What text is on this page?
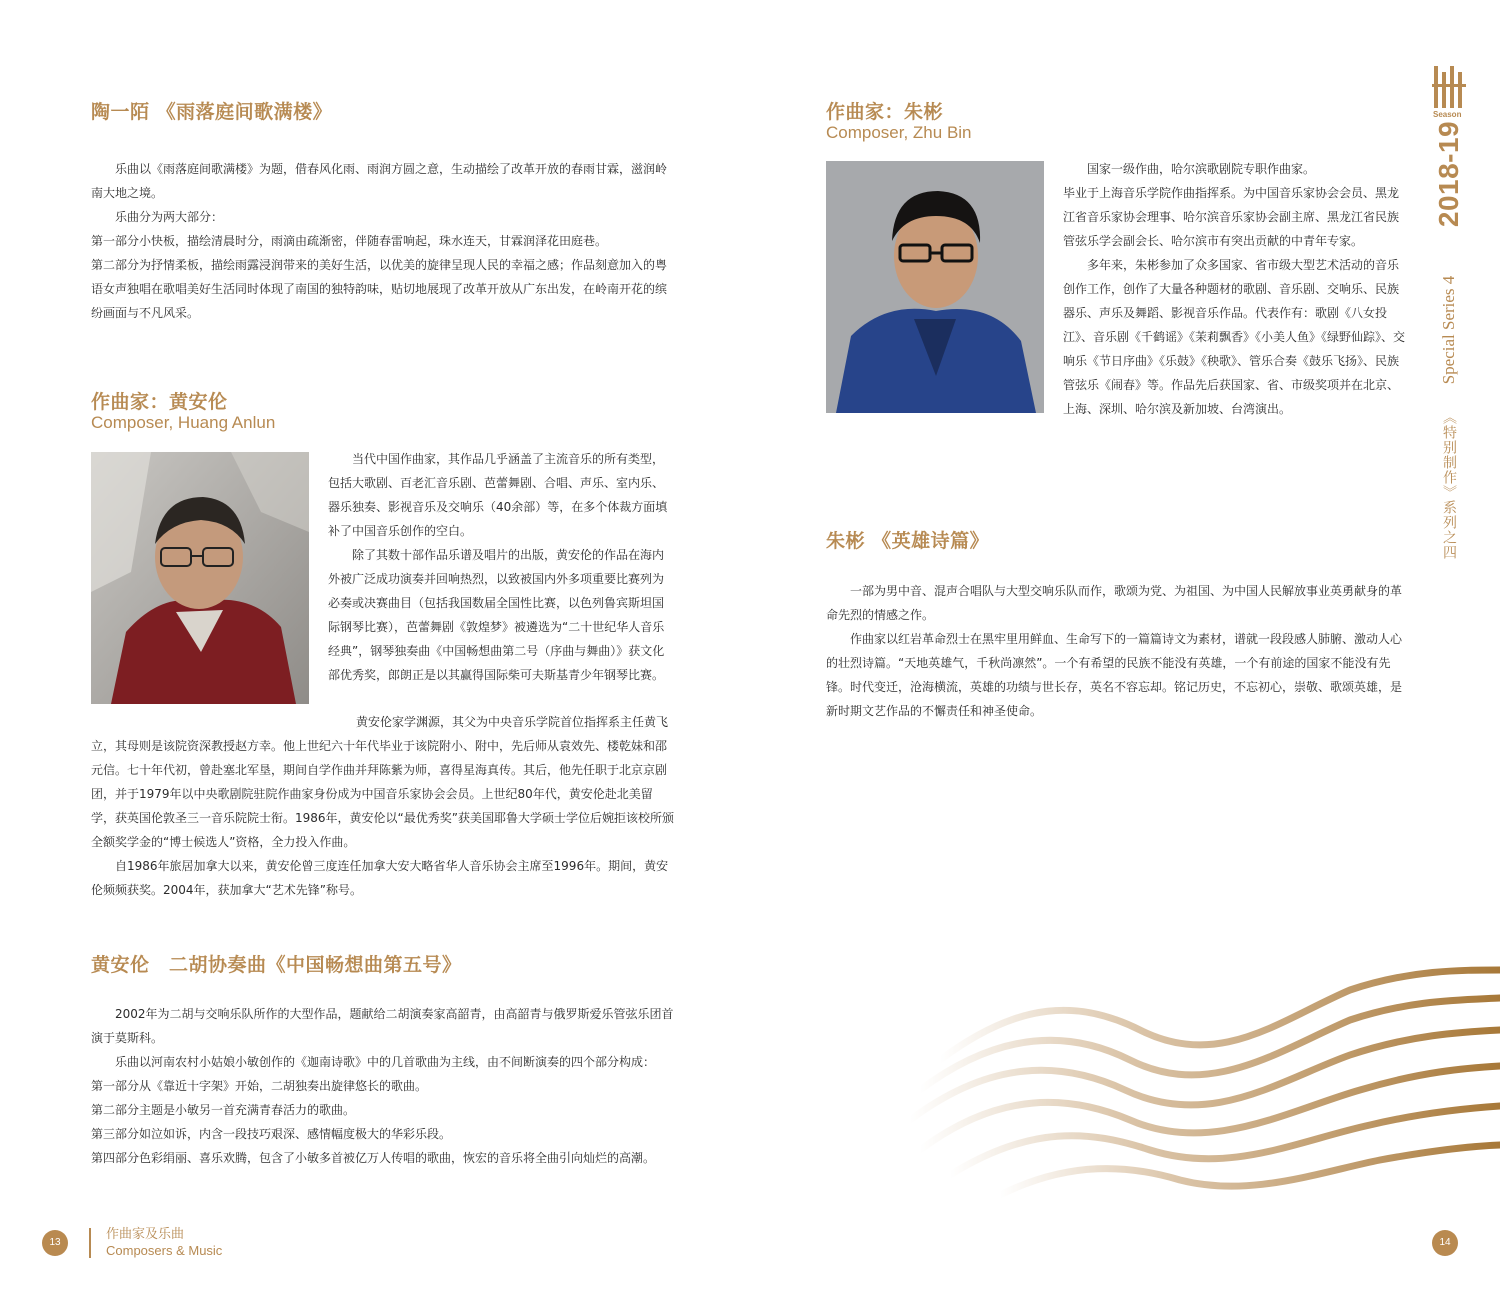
陶一陌 《雨落庭间歌满楼》

乐曲以《雨落庭间歌满楼》为题，借春风化雨、雨润方圆之意，生动描绘了改革开放的春雨甘霖，滋润岭南大地之境。

乐曲分为两大部分：

第一部分小快板，描绘清晨时分，雨滴由疏渐密，伴随春雷响起，珠水连天，甘霖润泽花田庭巷。

第二部分为抒情柔板，描绘雨露浸润带来的美好生活，以优美的旋律呈现人民的幸福之感；作品刻意加入的粤语女声独唱在歌唱美好生活同时体现了南国的独特韵味，贴切地展现了改革开放从广东出发，在岭南开花的缤纷画面与不凡风采。

作曲家：黄安伦
Composer, Huang Anlun

当代中国作曲家，其作品几乎涵盖了主流音乐的所有类型，包括大歌剧、百老汇音乐剧、芭蕾舞剧、合唱、声乐、室内乐、器乐独奏、影视音乐及交响乐（40余部）等，在多个体裁方面填补了中国音乐创作的空白。

除了其数十部作品乐谱及唱片的出版，黄安伦的作品在海内外被广泛成功演奏并回响热烈，以致被国内外多项重要比赛列为必奏或决赛曲目（包括我国数届全国性比赛，以色列鲁宾斯坦国际钢琴比赛），芭蕾舞剧《敦煌梦》被遴选为“二十世纪华人音乐经典”，钢琴独奏曲《中国畅想曲第二号（序曲与舞曲）》获文化部优秀奖，郎朗正是以其赢得国际柴可夫斯基青少年钢琴比赛。

黄安伦家学渊源，其父为中央音乐学院首位指挥系主任黄飞立，其母则是该院资深教授赵方幸。他上世纪六十年代毕业于该院附小、附中，先后师从袁效先、楼乾妹和邵元信。七十年代初，曾赴塞北军垦，期间自学作曲并拜陈紫为师，喜得星海真传。其后，他先任职于北京京剧团，并于1979年以中央歌剧院驻院作曲家身份成为中国音乐家协会会员。上世纪80年代，黄安伦赴北美留学，获英国伦敦圣三一音乐院院士衔。1986年，黄安伦以“最优秀奖”获美国耶鲁大学硕士学位后婉拒该校所颁全额奖学金的“博士候选人”资格，全力投入作曲。

自1986年旅居加拿大以来，黄安伦曾三度连任加拿大安大略省华人音乐协会主席至1996年。期间，黄安伦频频获奖。2004年，获加拿大“艺术先锋”称号。

黄安伦　二胡协奏曲《中国畅想曲第五号》

2002年为二胡与交响乐队所作的大型作品，题献给二胡演奏家高韶青，由高韶青与俄罗斯爱乐管弦乐团首演于莫斯科。

乐曲以河南农村小姑娘小敏创作的《迦南诗歌》中的几首歌曲为主线，由不间断演奏的四个部分构成：

第一部分从《靠近十字架》开始，二胡独奏出旋律悠长的歌曲。

第二部分主题是小敏另一首充满青春活力的歌曲。

第三部分如泣如诉，内含一段技巧艰深、感情幅度极大的华彩乐段。

第四部分色彩绢丽、喜乐欢腾，包含了小敏多首被亿万人传唱的歌曲，恢宏的音乐将全曲引向灿烂的高潮。

13
作曲家及乐曲
Composers & Music
作曲家：朱彬
Composer, Zhu Bin

国家一级作曲，哈尔滨歌剧院专职作曲家。

毕业于上海音乐学院作曲指挥系。为中国音乐家协会会员、黑龙江省音乐家协会理事、哈尔滨音乐家协会副主席、黑龙江省民族管弦乐学会副会长、哈尔滨市有突出贡献的中青年专家。

多年来，朱彬参加了众多国家、省市级大型艺术活动的音乐创作工作，创作了大量各种题材的歌剧、音乐剧、交响乐、民族器乐、声乐及舞蹈、影视音乐作品。代表作有：歌剧《八女投江》、音乐剧《千鹤谣》《茉莉飘香》《小美人鱼》《绿野仙踪》、交响乐《节日序曲》《乐鼓》《秧歌》、管乐合奏《鼓乐飞扬》、民族管弦乐《闹春》等。作品先后获国家、省、市级奖项并在北京、上海、深圳、哈尔滨及新加坡、台湾演出。

朱彬 《英雄诗篇》

一部为男中音、混声合唱队与大型交响乐队而作，歌颂为党、为祖国、为中国人民解放事业英勇献身的革命先烈的情感之作。

作曲家以红岩革命烈士在黑牢里用鲜血、生命写下的一篇篇诗文为素材，谱就一段段感人肺腑、激动人心的壮烈诗篇。“天地英雄气，千秋尚凛然”。一个有希望的民族不能没有英雄，一个有前途的国家不能没有先锋。时代变迁，沧海横流，英雄的功绩与世长存，英名不容忘却。铭记历史，不忘初心，崇敬、歌颂英雄，是新时期文艺作品的不懈责任和神圣使命。

14
Season
2018-19
Special Series 4
《特别制作》系列之四
